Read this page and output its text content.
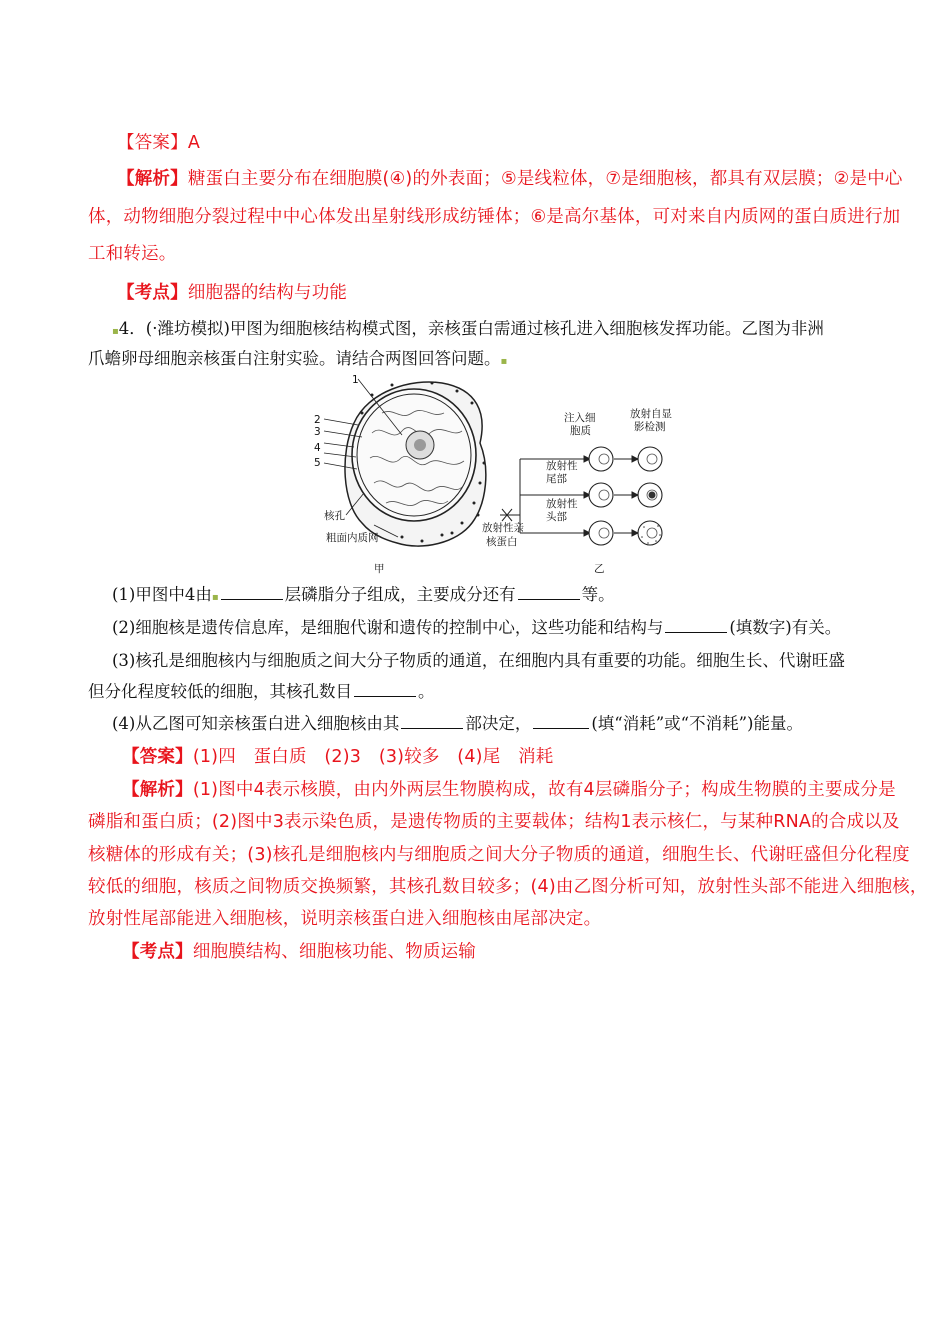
【答案】A
【解析】糖蛋白主要分布在细胞膜(④)的外表面；⑤是线粒体，⑦是细胞核，都具有双层膜；②是中心
体，动物细胞分裂过程中中心体发出星射线形成纺锤体；⑥是高尔基体，可对来自内质网的蛋白质进行加
工和转运。
【考点】细胞器的结构与功能
▪4．(·潍坊模拟)甲图为细胞核结构模式图，亲核蛋白需通过核孔进入细胞核发挥功能。乙图为非洲
爪蟾卵母细胞亲核蛋白注射实验。请结合两图回答问题。▪
1
2
3
4
5
核孔
粗面内质网
甲
注入细
胞质
放射自显
影检测
放射性
尾部
放射性
头部
放射性亲
核蛋白
乙
(1)甲图中4由▪	层磷脂分子组成，主要成分还有	等。
(2)细胞核是遗传信息库，是细胞代谢和遗传的控制中心，这些功能和结构与	(填数字)有关。
(3)核孔是细胞核内与细胞质之间大分子物质的通道，在细胞内具有重要的功能。细胞生长、代谢旺盛
但分化程度较低的细胞，其核孔数目	。
(4)从乙图可知亲核蛋白进入细胞核由其	部决定，	(填“消耗”或“不消耗”)能量。
【答案】(1)四　蛋白质　(2)3　(3)较多　(4)尾　消耗
【解析】(1)图中4表示核膜，由内外两层生物膜构成，故有4层磷脂分子；构成生物膜的主要成分是
磷脂和蛋白质；(2)图中3表示染色质，是遗传物质的主要载体；结构1表示核仁，与某种RNA的合成以及
核糖体的形成有关；(3)核孔是细胞核内与细胞质之间大分子物质的通道，细胞生长、代谢旺盛但分化程度
较低的细胞，核质之间物质交换频繁，其核孔数目较多；(4)由乙图分析可知，放射性头部不能进入细胞核，
放射性尾部能进入细胞核，说明亲核蛋白进入细胞核由尾部决定。
【考点】细胞膜结构、细胞核功能、物质运输
